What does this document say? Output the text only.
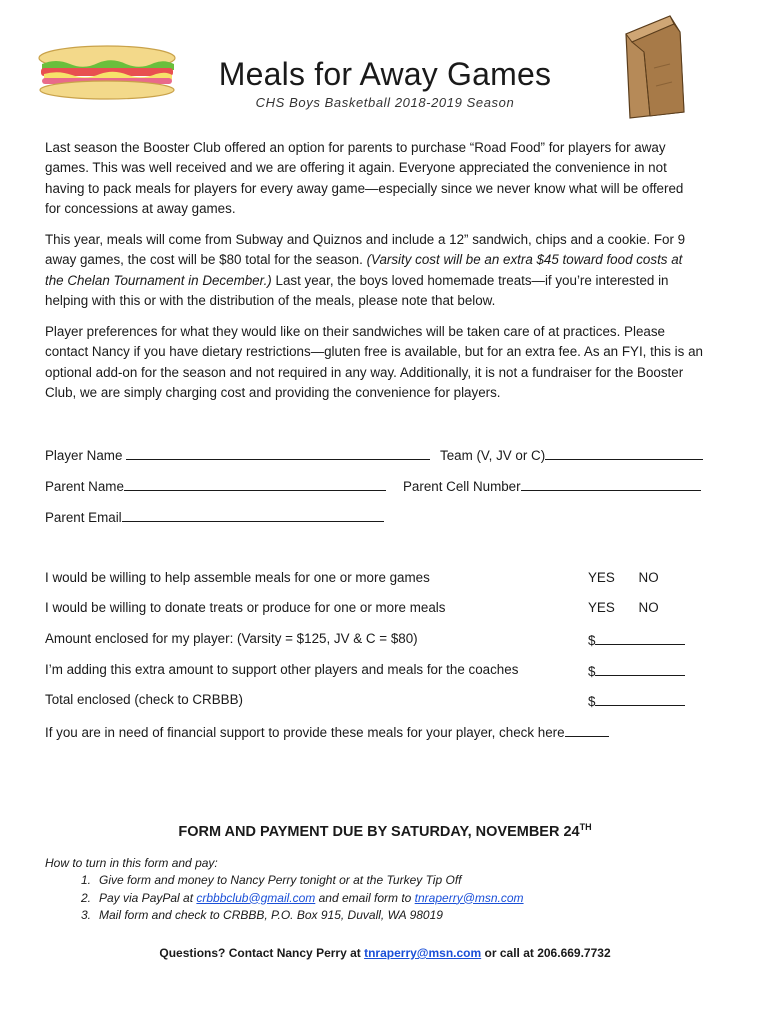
Meals for Away Games
CHS Boys Basketball 2018-2019 Season
Last season the Booster Club offered an option for parents to purchase “Road Food” for players for away
games. This was well received and we are offering it again. Everyone appreciated the convenience in not
having to pack meals for players for every away game—especially since we never know what will be offered
for concessions at away games.
This year, meals will come from Subway and Quiznos and include a 12” sandwich, chips and a cookie. For 9
away games, the cost will be $80 total for the season. (Varsity cost will be an extra $45 toward food costs at
the Chelan Tournament in December.) Last year, the boys loved homemade treats—if you’re interested in
helping with this or with the distribution of the meals, please note that below.
Player preferences for what they would like on their sandwiches will be taken care of at practices. Please
contact Nancy if you have dietary restrictions—gluten free is available, but for an extra fee. As an FYI, this is an
optional add-on for the season and not required in any way. Additionally, it is not a fundraiser for the Booster
Club, we are simply charging cost and providing the convenience for players.
Player Name	Team (V, JV or C)
Parent Name	Parent Cell Number
Parent Email
I would be willing to help assemble meals for one or more games	YES NO
I would be willing to donate treats or produce for one or more meals	YES NO
Amount enclosed for my player: (Varsity = $125, JV & C = $80)	$
I’m adding this extra amount to support other players and meals for the coaches	$
Total enclosed (check to CRBBB)	$
If you are in need of financial support to provide these meals for your player, check here
FORM AND PAYMENT DUE BY SATURDAY, NOVEMBER 24TH
How to turn in this form and pay:
1. Give form and money to Nancy Perry tonight or at the Turkey Tip Off
2. Pay via PayPal at crbbbclub@gmail.com and email form to tnraperry@msn.com
3. Mail form and check to CRBBB, P.O. Box 915, Duvall, WA 98019
Questions? Contact Nancy Perry at tnraperry@msn.com or call at 206.669.7732
